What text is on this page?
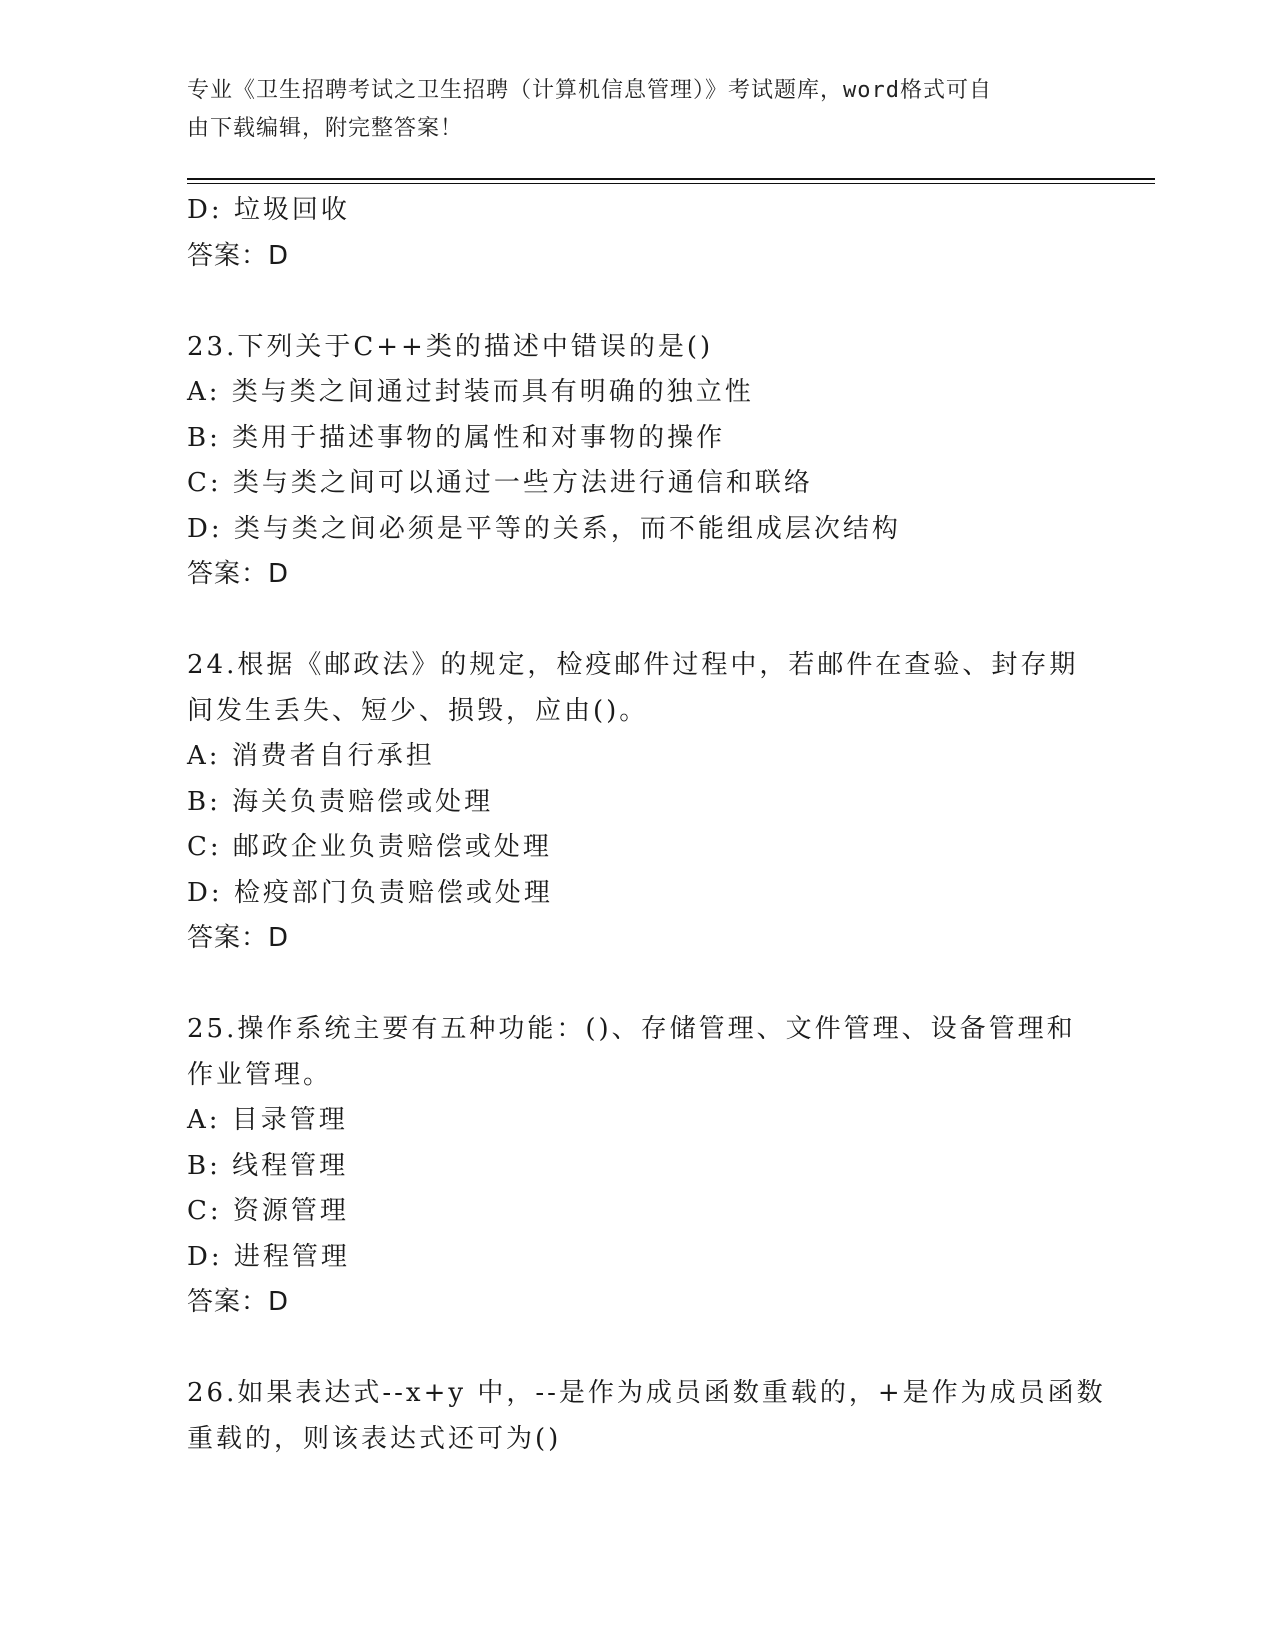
专业《卫生招聘考试之卫生招聘（计算机信息管理）》考试题库，word格式可自
由下载编辑，附完整答案！
D: 垃圾回收
答案：D
23.下列关于C++类的描述中错误的是()
A: 类与类之间通过封装而具有明确的独立性
B: 类用于描述事物的属性和对事物的操作
C: 类与类之间可以通过一些方法进行通信和联络
D: 类与类之间必须是平等的关系，而不能组成层次结构
答案：D
24.根据《邮政法》的规定，检疫邮件过程中，若邮件在查验、封存期
间发生丢失、短少、损毁，应由()。
A: 消费者自行承担
B: 海关负责赔偿或处理
C: 邮政企业负责赔偿或处理
D: 检疫部门负责赔偿或处理
答案：D
25.操作系统主要有五种功能：()、存储管理、文件管理、设备管理和
作业管理。
A: 目录管理
B: 线程管理
C: 资源管理
D: 进程管理
答案：D
26.如果表达式--x+y 中，--是作为成员函数重载的，+是作为成员函数
重载的，则该表达式还可为()
